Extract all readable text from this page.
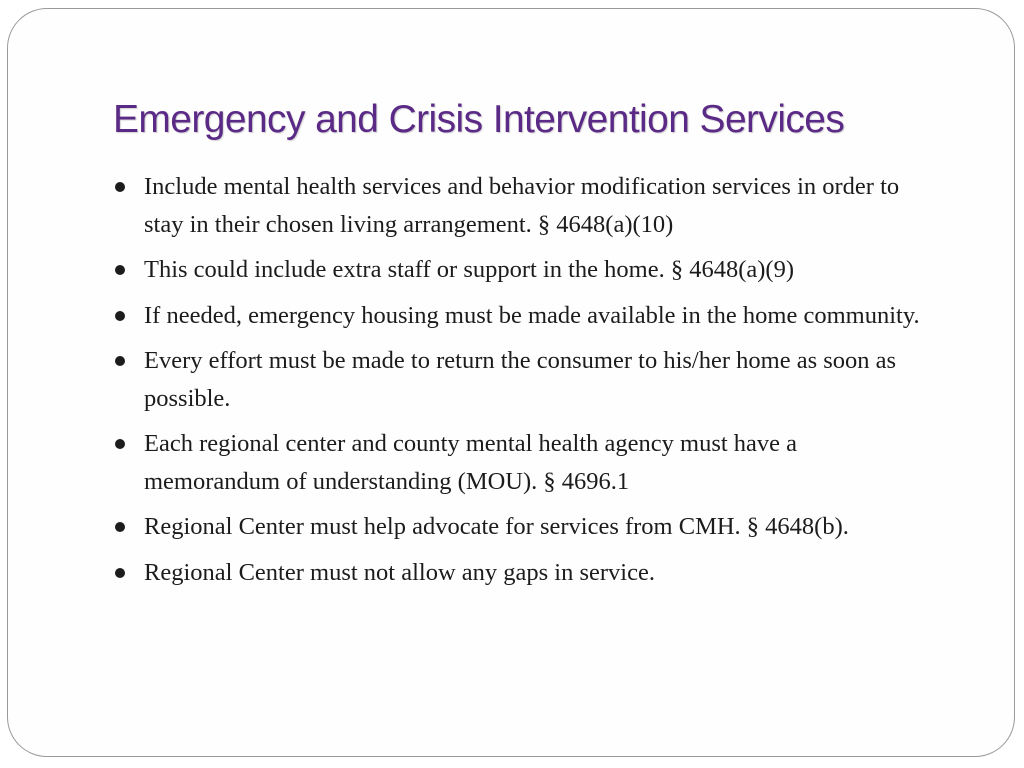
Emergency and Crisis Intervention Services
Include mental health services and behavior modification services in order to stay in their chosen living arrangement. § 4648(a)(10)
This could include extra staff or support in the home. § 4648(a)(9)
If needed, emergency housing must be made available in the home community.
Every effort must be made to return the consumer to his/her home as soon as possible.
Each regional center and county mental health agency must have a memorandum of understanding (MOU). § 4696.1
Regional Center must help advocate for services from CMH. § 4648(b).
Regional Center must not allow any gaps in service.
